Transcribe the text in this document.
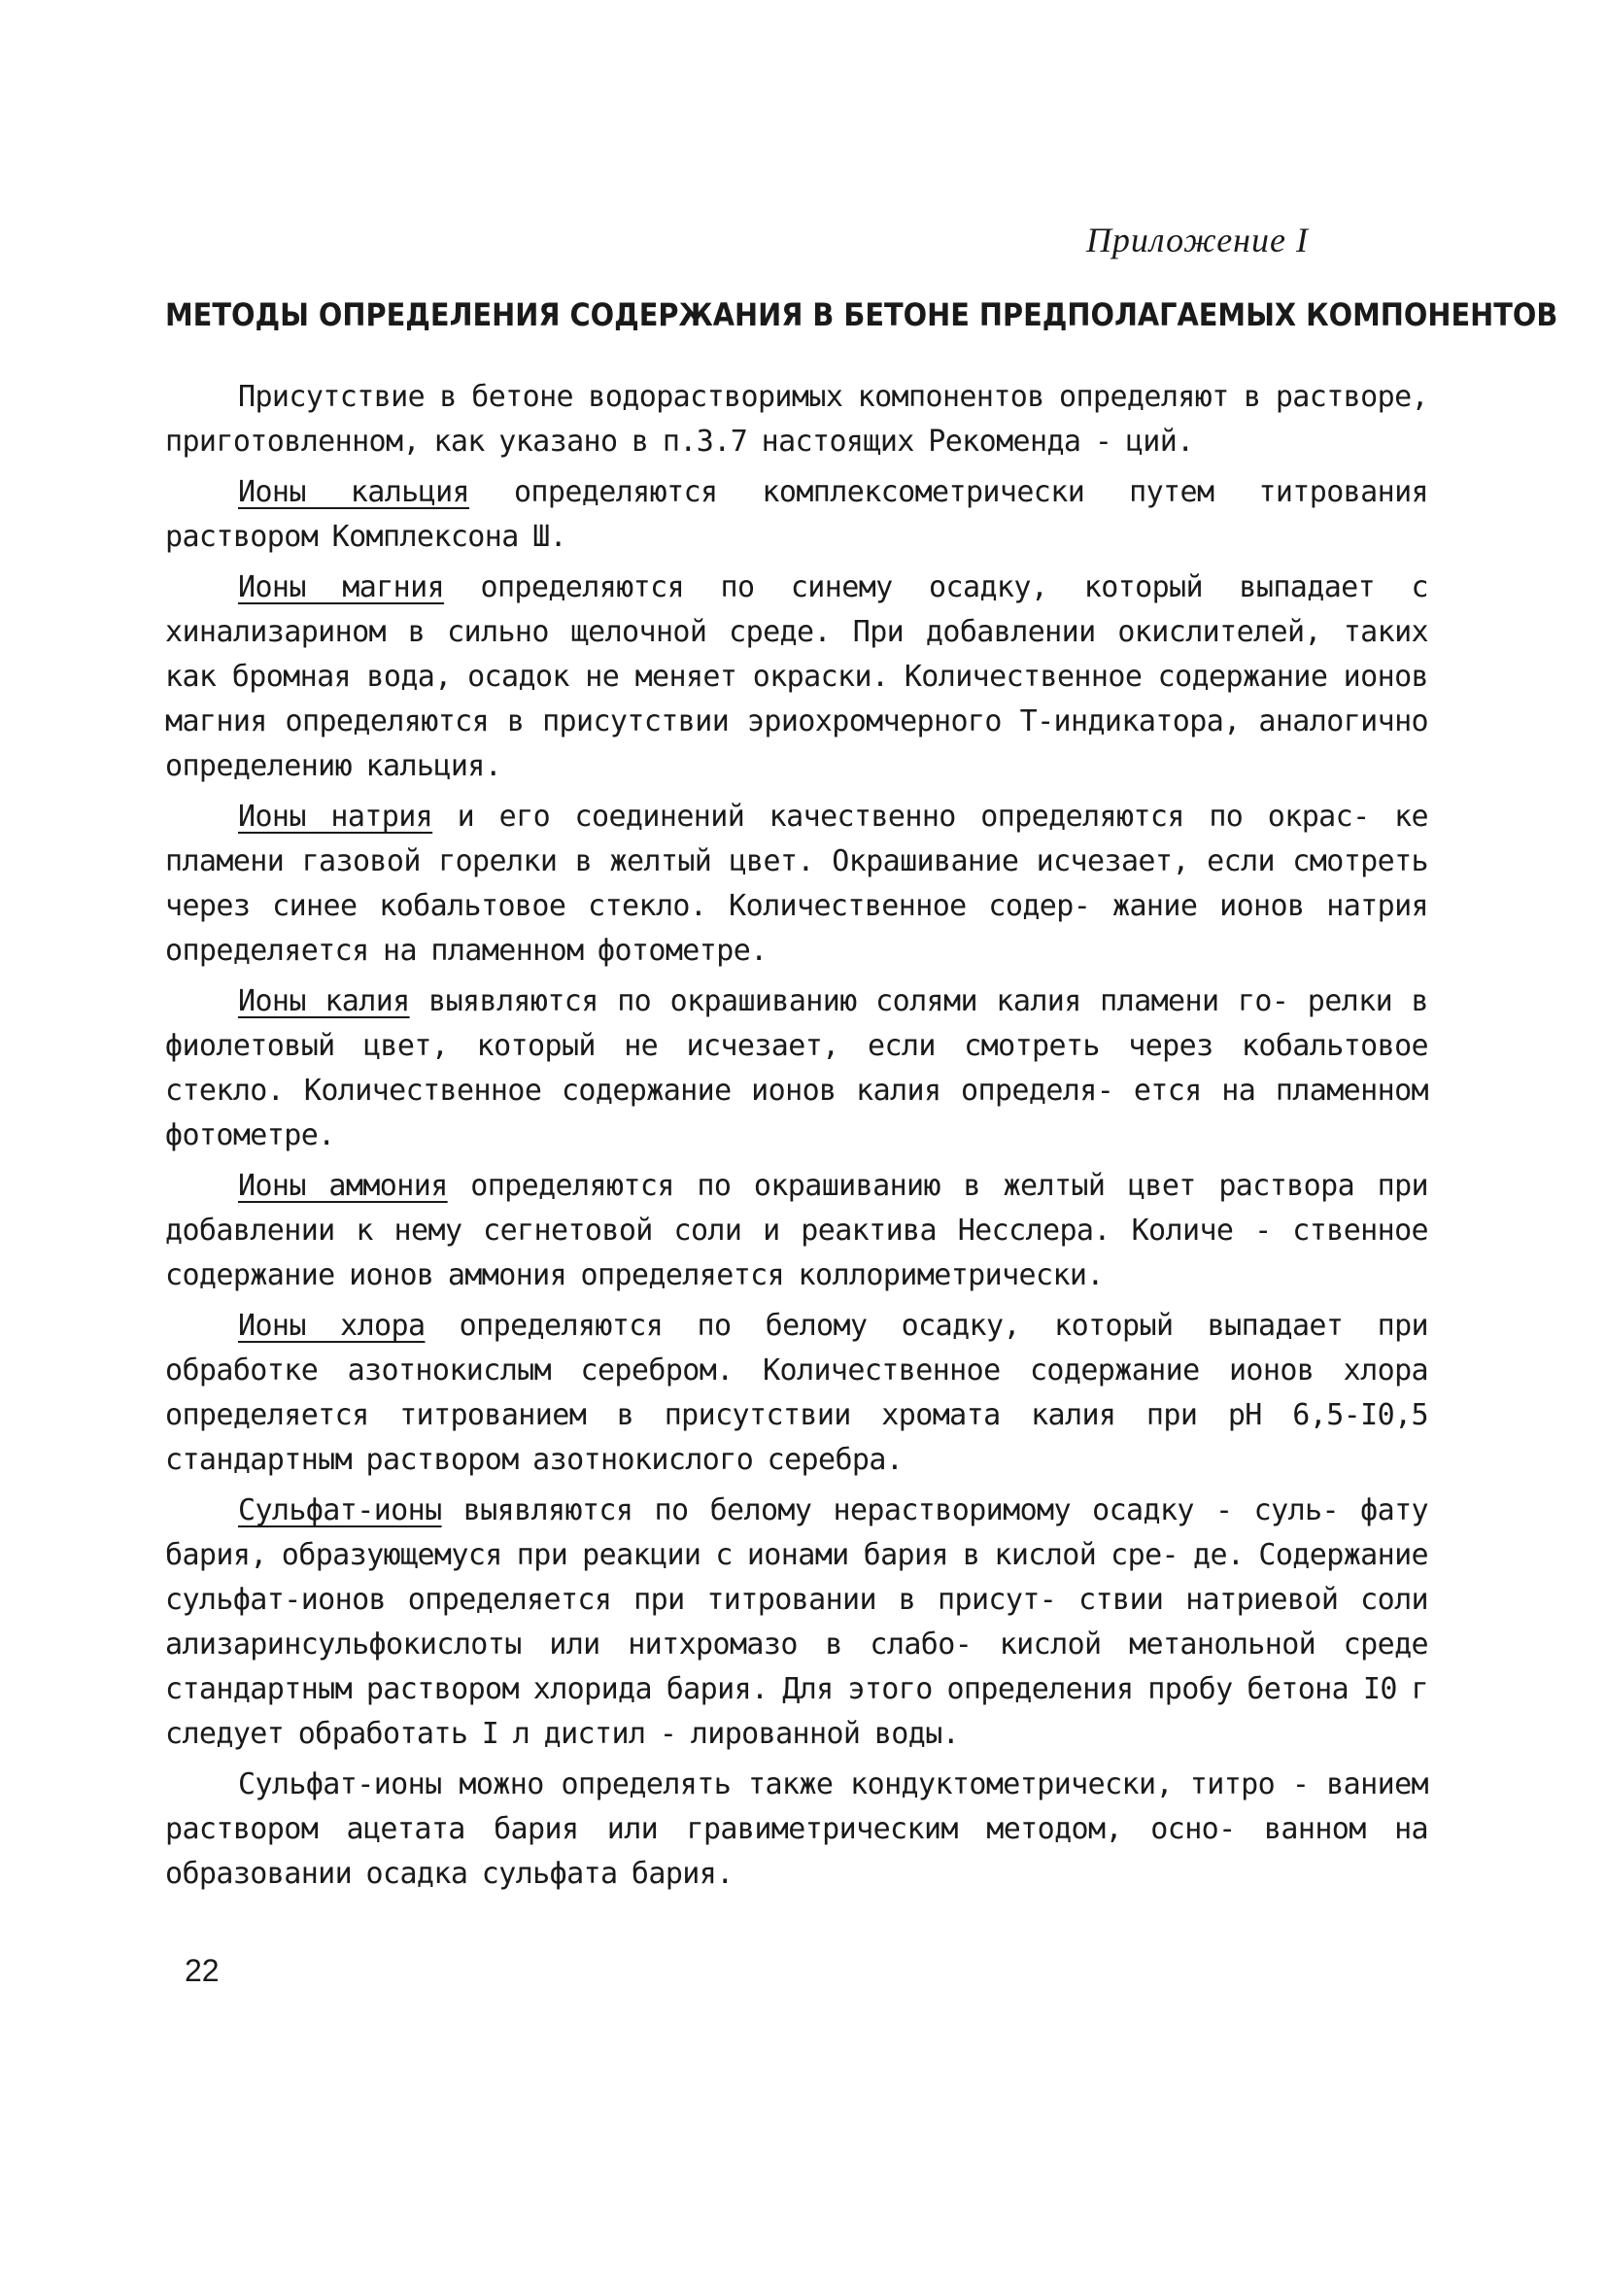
Приложение I
МЕТОДЫ ОПРЕДЕЛЕНИЯ СОДЕРЖАНИЯ В БЕТОНЕ ПРЕДПОЛАГАЕМЫХ КОМПОНЕНТОВ

Присутствие в бетоне водорастворимых компонентов определяют в растворе, приготовленном, как указано в п.3.7 настоящих Рекоменда - ций.

Ионы кальция определяются комплексометрически путем титрования раствором Комплексона Ш.

Ионы магния определяются по синему осадку, который выпадает с хинализарином в сильно щелочной среде. При добавлении окислителей, таких как бромная вода, осадок не меняет окраски. Количественное содержание ионов магния определяются в присутствии эриохромчерного Т-индикатора, аналогично определению кальция.

Ионы натрия и его соединений качественно определяются по окрас- ке пламени газовой горелки в желтый цвет. Окрашивание исчезает, если смотреть через синее кобальтовое стекло. Количественное содер- жание ионов натрия определяется на пламенном фотометре.

Ионы калия выявляются по окрашиванию солями калия пламени го- релки в фиолетовый цвет, который не исчезает, если смотреть через кобальтовое стекло. Количественное содержание ионов калия определя- ется на пламенном фотометре.

Ионы аммония определяются по окрашиванию в желтый цвет раствора при добавлении к нему сегнетовой соли и реактива Несслера. Количе - ственное содержание ионов аммония определяется коллориметрически.

Ионы хлора определяются по белому осадку, который выпадает при обработке азотнокислым серебром. Количественное содержание ионов хлора определяется титрованием в присутствии хромата калия при pH 6,5-I0,5 стандартным раствором азотнокислого серебра.

Сульфат-ионы выявляются по белому нерастворимому осадку - суль- фату бария, образующемуся при реакции с ионами бария в кислой сре- де. Содержание сульфат-ионов определяется при титровании в присут- ствии натриевой соли ализаринсульфокислоты или нитхромазо в слабо- кислой метанольной среде стандартным раствором хлорида бария. Для этого определения пробу бетона I0 г следует обработать I л дистил - лированной воды.

Сульфат-ионы можно определять также кондуктометрически, титро - ванием раствором ацетата бария или гравиметрическим методом, осно- ванном на образовании осадка сульфата бария.

22
